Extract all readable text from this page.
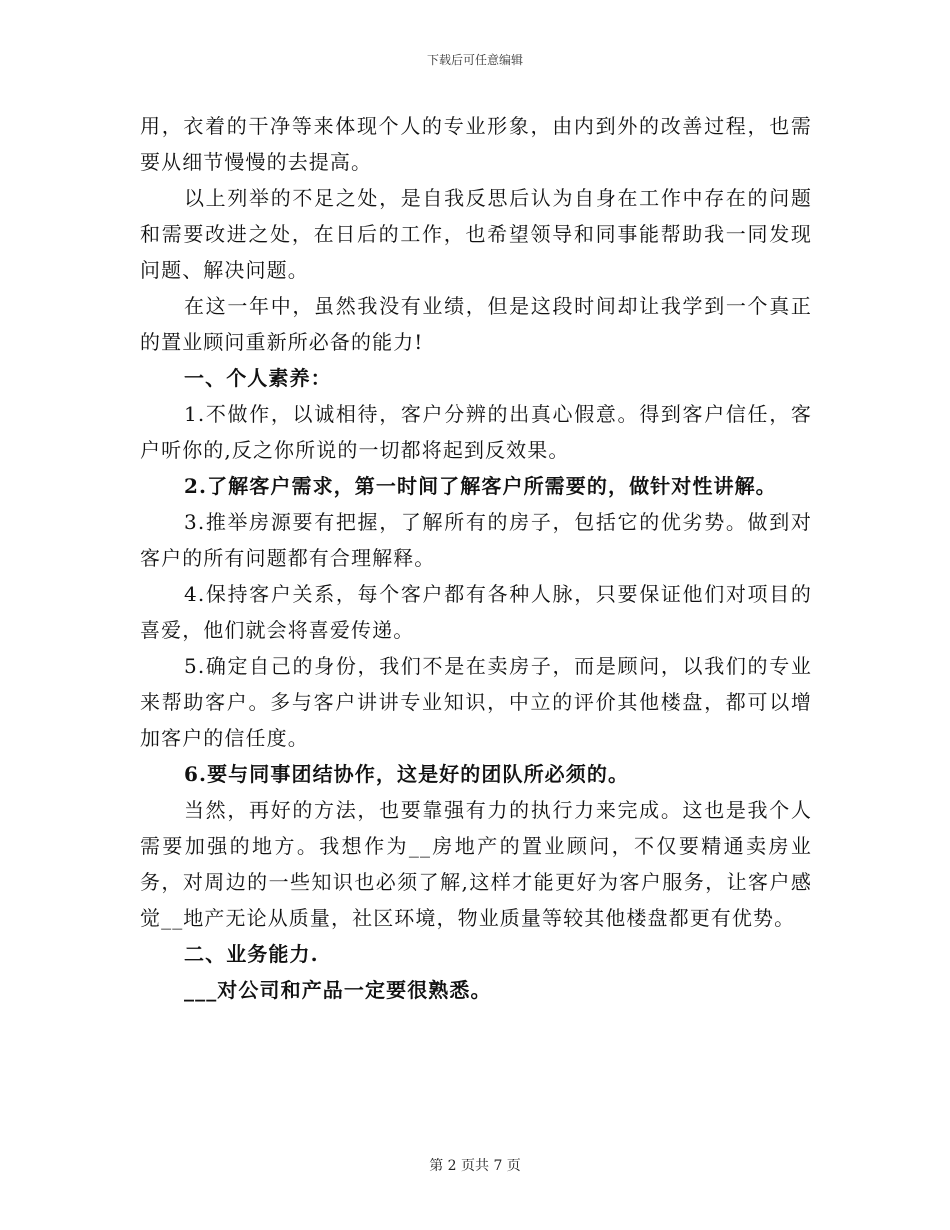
下载后可任意编辑

用，衣着的干净等来体现个人的专业形象，由内到外的改善过程，也需要从细节慢慢的去提高。

以上列举的不足之处，是自我反思后认为自身在工作中存在的问题和需要改进之处，在日后的工作，也希望领导和同事能帮助我一同发现问题、解决问题。

在这一年中，虽然我没有业绩，但是这段时间却让我学到一个真正的置业顾问重新所必备的能力!

一、个人素养：

1.不做作，以诚相待，客户分辨的出真心假意。得到客户信任，客户听你的,反之你所说的一切都将起到反效果。

2.了解客户需求，第一时间了解客户所需要的，做针对性讲解。

3.推举房源要有把握，了解所有的房子，包括它的优劣势。做到对客户的所有问题都有合理解释。

4.保持客户关系，每个客户都有各种人脉，只要保证他们对项目的喜爱，他们就会将喜爱传递。

5.确定自己的身份，我们不是在卖房子，而是顾问，以我们的专业来帮助客户。多与客户讲讲专业知识，中立的评价其他楼盘，都可以增加客户的信任度。

6.要与同事团结协作，这是好的团队所必须的。

当然，再好的方法，也要靠强有力的执行力来完成。这也是我个人需要加强的地方。我想作为__房地产的置业顾问，不仅要精通卖房业务，对周边的一些知识也必须了解,这样才能更好为客户服务，让客户感觉__地产无论从质量，社区环境，物业质量等较其他楼盘都更有优势。

二、业务能力.

___对公司和产品一定要很熟悉。

第 2 页共 7 页
